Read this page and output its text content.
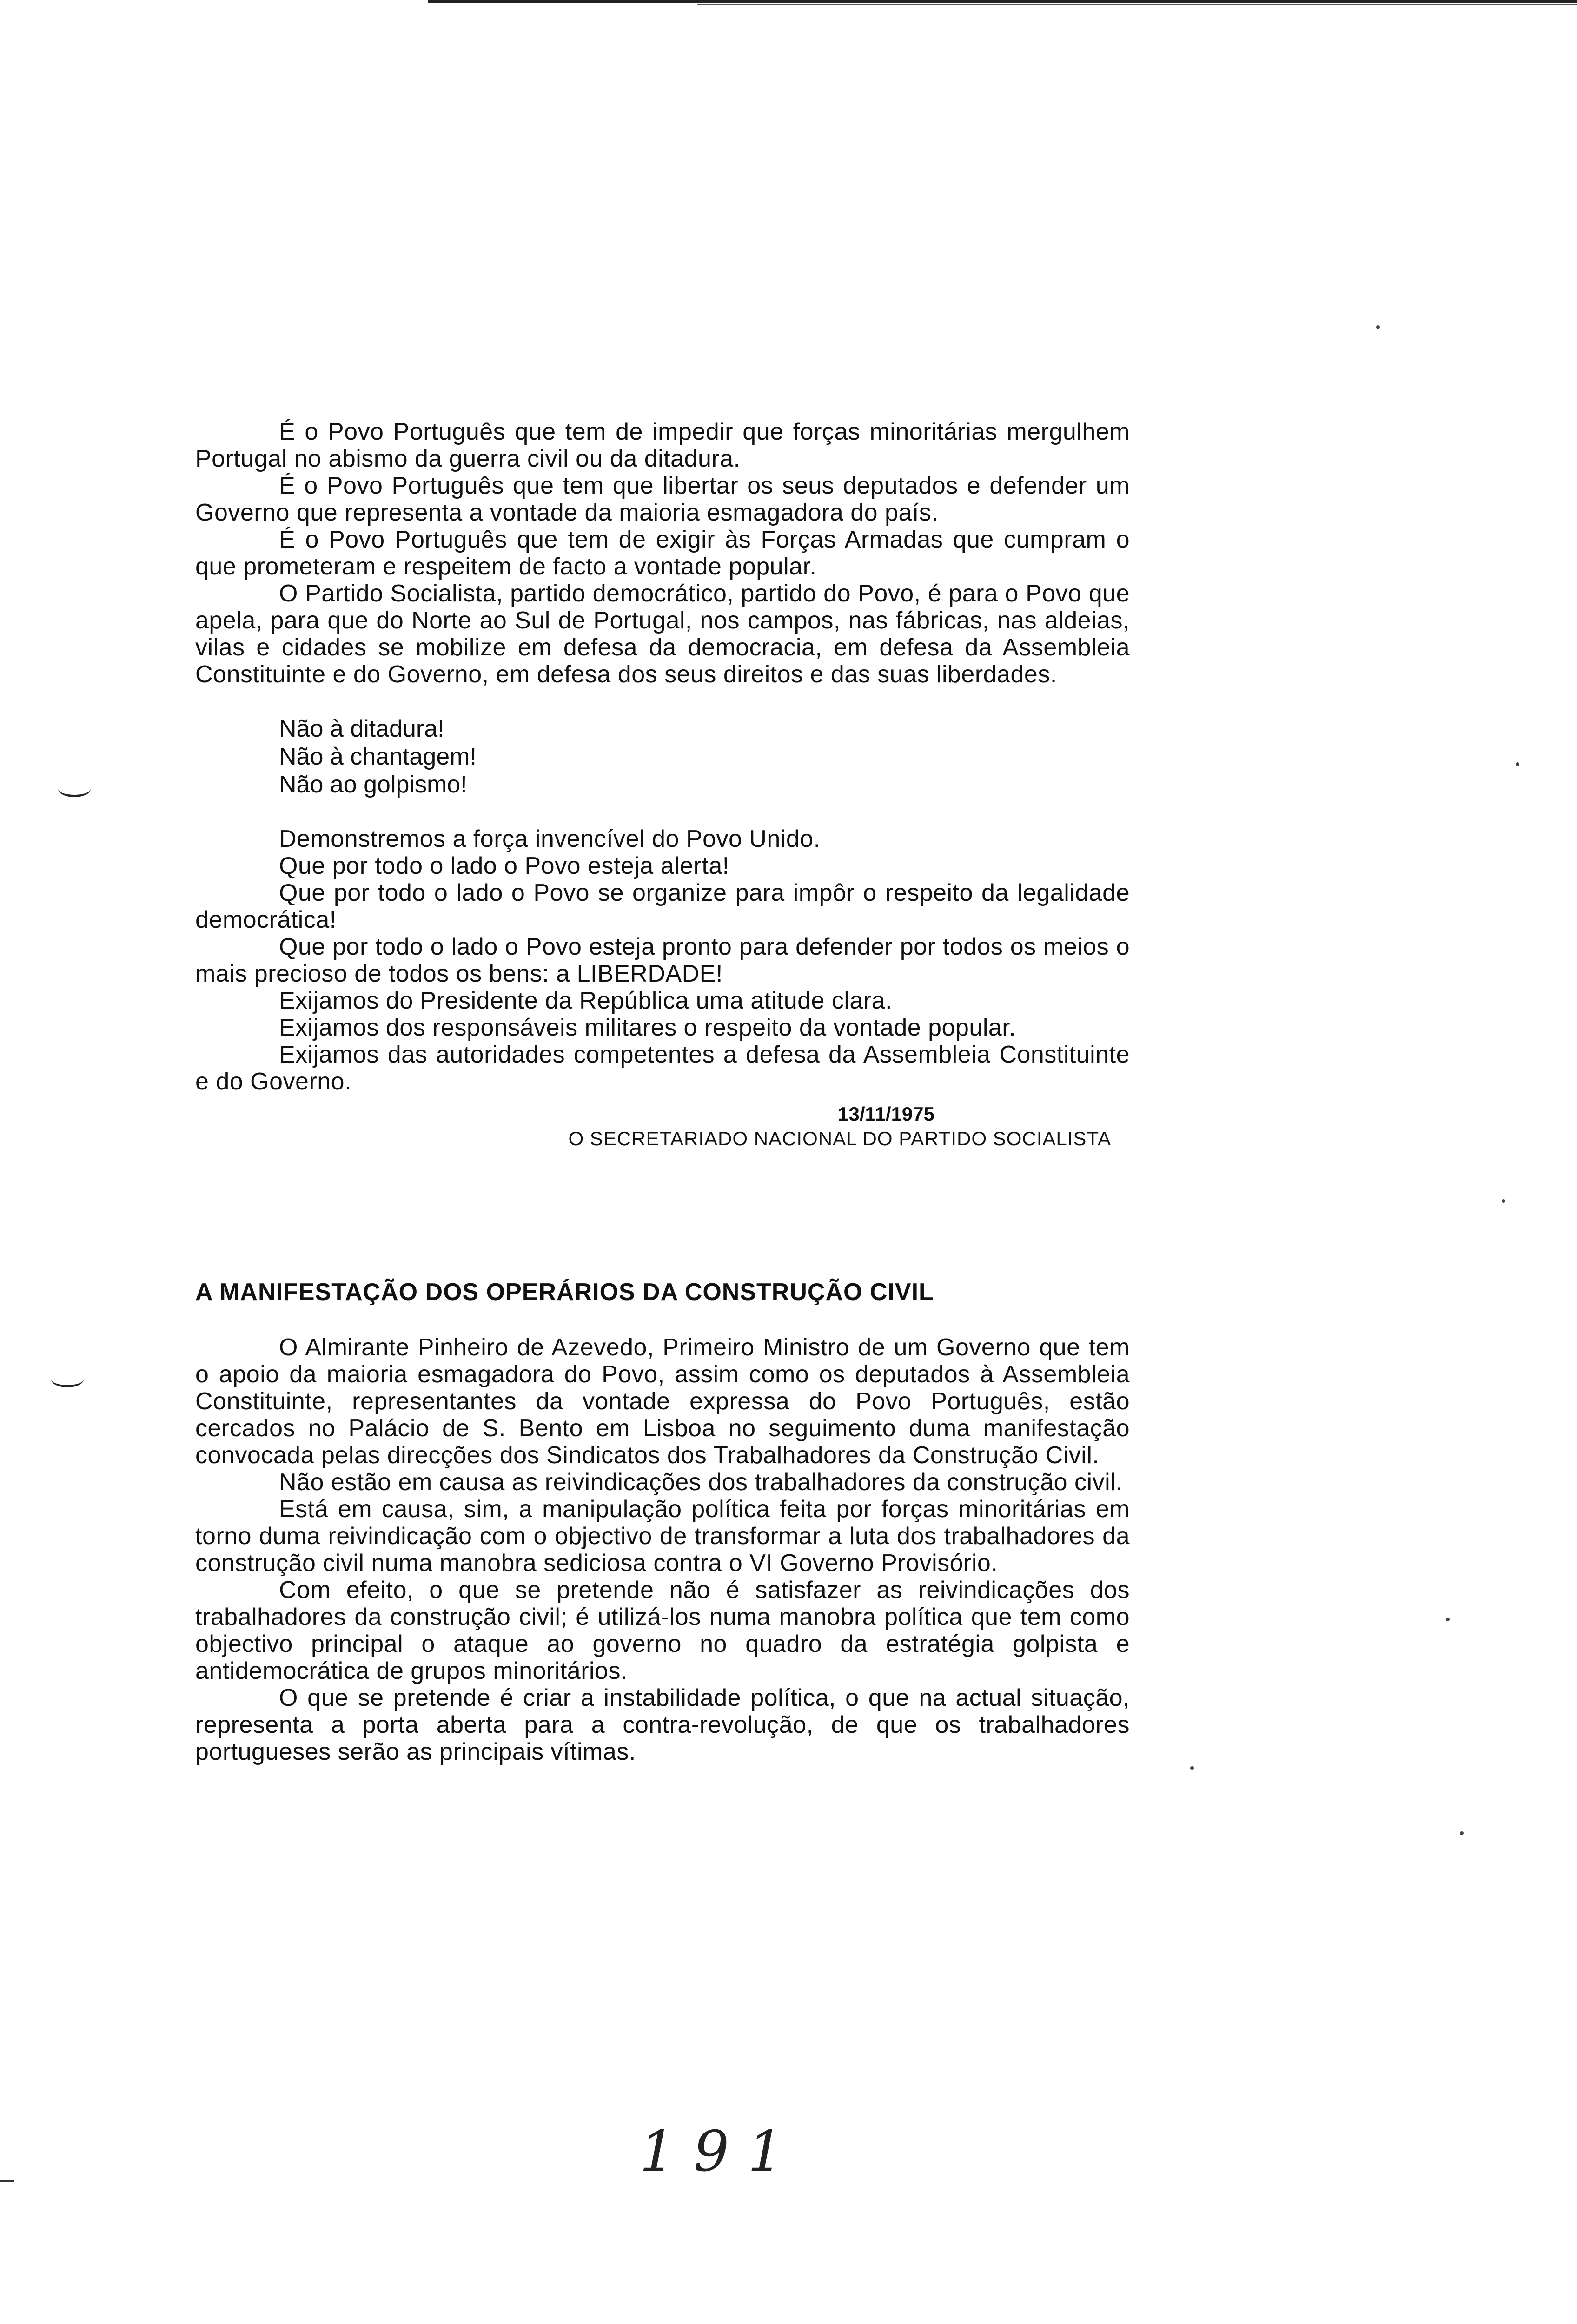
É o Povo Português que tem de impedir que forças minoritárias mergulhem Portugal no abismo da guerra civil ou da ditadura.

É o Povo Português que tem que libertar os seus deputados e defender um Governo que representa a vontade da maioria esmagadora do país.

É o Povo Português que tem de exigir às Forças Armadas que cumpram o que prometeram e respeitem de facto a vontade popular.

O Partido Socialista, partido democrático, partido do Povo, é para o Povo que apela, para que do Norte ao Sul de Portugal, nos campos, nas fábricas, nas aldeias, vilas e cidades se mobilize em defesa da democracia, em defesa da Assembleia Constituinte e do Governo, em defesa dos seus direitos e das suas liberdades.

Não à ditadura!
Não à chantagem!
Não ao golpismo!

Demonstremos a força invencível do Povo Unido.

Que por todo o lado o Povo esteja alerta!

Que por todo o lado o Povo se organize para impôr o respeito da legalidade democrática!

Que por todo o lado o Povo esteja pronto para defender por todos os meios o mais precioso de todos os bens: a LIBERDADE!

Exijamos do Presidente da República uma atitude clara.

Exijamos dos responsáveis militares o respeito da vontade popular.

Exijamos das autoridades competentes a defesa da Assembleia Constituinte e do Governo.

13/11/1975
O SECRETARIADO NACIONAL DO PARTIDO SOCIALISTA
A MANIFESTAÇÃO DOS OPERÁRIOS DA CONSTRUÇÃO CIVIL

O Almirante Pinheiro de Azevedo, Primeiro Ministro de um Governo que tem o apoio da maioria esmagadora do Povo, assim como os deputados à Assembleia Constituinte, representantes da vontade expressa do Povo Português, estão cercados no Palácio de S. Bento em Lisboa no seguimento duma manifestação convocada pelas direcções dos Sindicatos dos Trabalhadores da Construção Civil.

Não estão em causa as reivindicações dos trabalhadores da construção civil.

Está em causa, sim, a manipulação política feita por forças minoritárias em torno duma reivindicação com o objectivo de transformar a luta dos trabalhadores da construção civil numa manobra sediciosa contra o VI Governo Provisório.

Com efeito, o que se pretende não é satisfazer as reivindicações dos trabalhadores da construção civil; é utilizá-los numa manobra política que tem como objectivo principal o ataque ao governo no quadro da estratégia golpista e antidemocrática de grupos minoritários.

O que se pretende é criar a instabilidade política, o que na actual situação, representa a porta aberta para a contra-revolução, de que os trabalhadores portugueses serão as principais vítimas.

191
